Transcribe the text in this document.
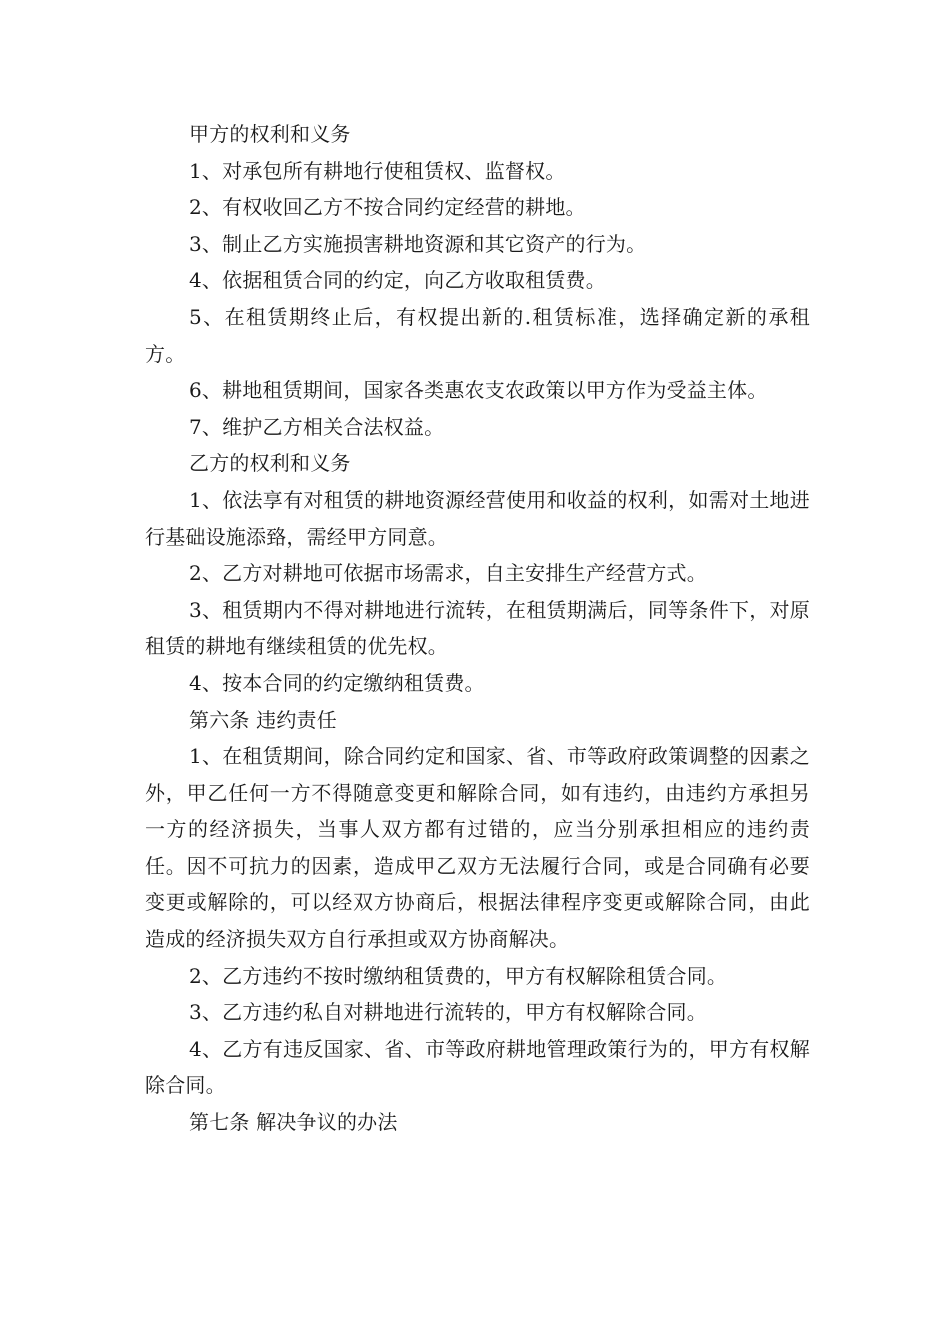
甲方的权利和义务

1、对承包所有耕地行使租赁权、监督权。

2、有权收回乙方不按合同约定经营的耕地。

3、制止乙方实施损害耕地资源和其它资产的行为。

4、依据租赁合同的约定，向乙方收取租赁费。

5、在租赁期终止后，有权提出新的.租赁标准，选择确定新的承租方。

6、耕地租赁期间，国家各类惠农支农政策以甲方作为受益主体。

7、维护乙方相关合法权益。

乙方的权利和义务

1、依法享有对租赁的耕地资源经营使用和收益的权利，如需对土地进行基础设施添臵，需经甲方同意。

2、乙方对耕地可依据市场需求，自主安排生产经营方式。

3、租赁期内不得对耕地进行流转，在租赁期满后，同等条件下，对原租赁的耕地有继续租赁的优先权。

4、按本合同的约定缴纳租赁费。

第六条 违约责任

1、在租赁期间，除合同约定和国家、省、市等政府政策调整的因素之外，甲乙任何一方不得随意变更和解除合同，如有违约，由违约方承担另一方的经济损失，当事人双方都有过错的，应当分别承担相应的违约责任。因不可抗力的因素，造成甲乙双方无法履行合同，或是合同确有必要变更或解除的，可以经双方协商后，根据法律程序变更或解除合同，由此造成的经济损失双方自行承担或双方协商解决。

2、乙方违约不按时缴纳租赁费的，甲方有权解除租赁合同。

3、乙方违约私自对耕地进行流转的，甲方有权解除合同。

4、乙方有违反国家、省、市等政府耕地管理政策行为的，甲方有权解除合同。

第七条 解决争议的办法
